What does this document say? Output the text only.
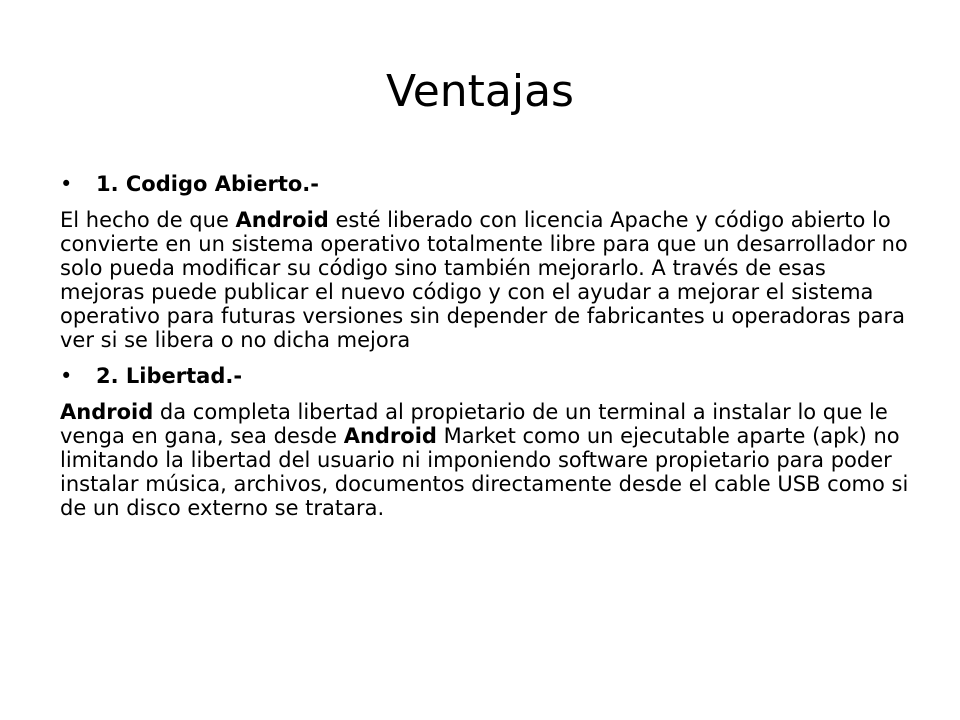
Ventajas
• 1. Codigo Abierto.-

El hecho de que Android esté liberado con licencia Apache y código abierto lo convierte en un sistema operativo totalmente libre para que un desarrollador no solo pueda modificar su código sino también mejorarlo. A través de esas mejoras puede publicar el nuevo código y con el ayudar a mejorar el sistema operativo para futuras versiones sin depender de fabricantes u operadoras para ver si se libera o no dicha mejora

• 2. Libertad.-

Android da completa libertad al propietario de un terminal a instalar lo que le venga en gana, sea desde Android Market como un ejecutable aparte (apk) no limitando la libertad del usuario ni imponiendo software propietario para poder instalar música, archivos, documentos directamente desde el cable USB como si de un disco externo se tratara.
